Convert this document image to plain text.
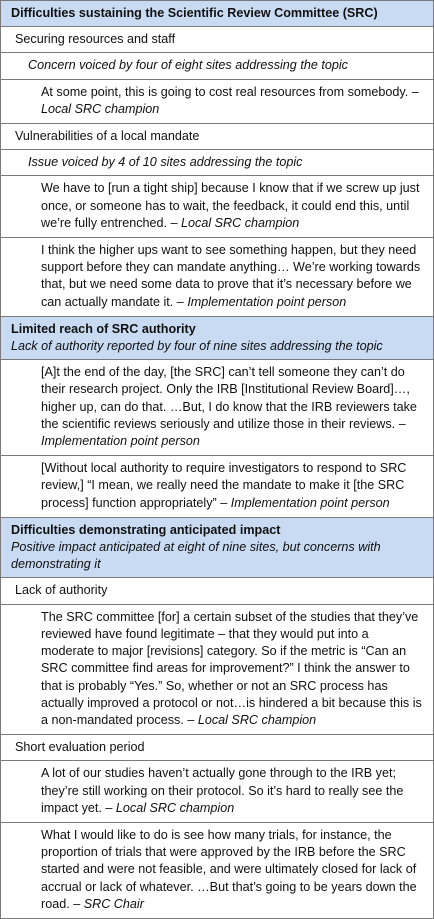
Difficulties sustaining the Scientific Review Committee (SRC)
Securing resources and staff
Concern voiced by four of eight sites addressing the topic
At some point, this is going to cost real resources from somebody. – Local SRC champion
Vulnerabilities of a local mandate
Issue voiced by 4 of 10 sites addressing the topic
We have to [run a tight ship] because I know that if we screw up just once, or someone has to wait, the feedback, it could end this, until we’re fully entrenched. – Local SRC champion
I think the higher ups want to see something happen, but they need support before they can mandate anything… We’re working towards that, but we need some data to prove that it’s necessary before we can actually mandate it. – Implementation point person
Limited reach of SRC authority
Lack of authority reported by four of nine sites addressing the topic
[A]t the end of the day, [the SRC] can’t tell someone they can’t do their research project. Only the IRB [Institutional Review Board]…, higher up, can do that. …But, I do know that the IRB reviewers take the scientific reviews seriously and utilize those in their reviews. – Implementation point person
[Without local authority to require investigators to respond to SRC review,] “I mean, we really need the mandate to make it [the SRC process] function appropriately” – Implementation point person
Difficulties demonstrating anticipated impact
Positive impact anticipated at eight of nine sites, but concerns with demonstrating it
Lack of authority
The SRC committee [for] a certain subset of the studies that they’ve reviewed have found legitimate – that they would put into a moderate to major [revisions] category. So if the metric is “Can an SRC committee find areas for improvement?” I think the answer to that is probably “Yes.” So, whether or not an SRC process has actually improved a protocol or not…is hindered a bit because this is a non-mandated process. – Local SRC champion
Short evaluation period
A lot of our studies haven’t actually gone through to the IRB yet; they’re still working on their protocol. So it’s hard to really see the impact yet. – Local SRC champion
What I would like to do is see how many trials, for instance, the proportion of trials that were approved by the IRB before the SRC started and were not feasible, and were ultimately closed for lack of accrual or lack of whatever. …But that’s going to be years down the road. – SRC Chair
